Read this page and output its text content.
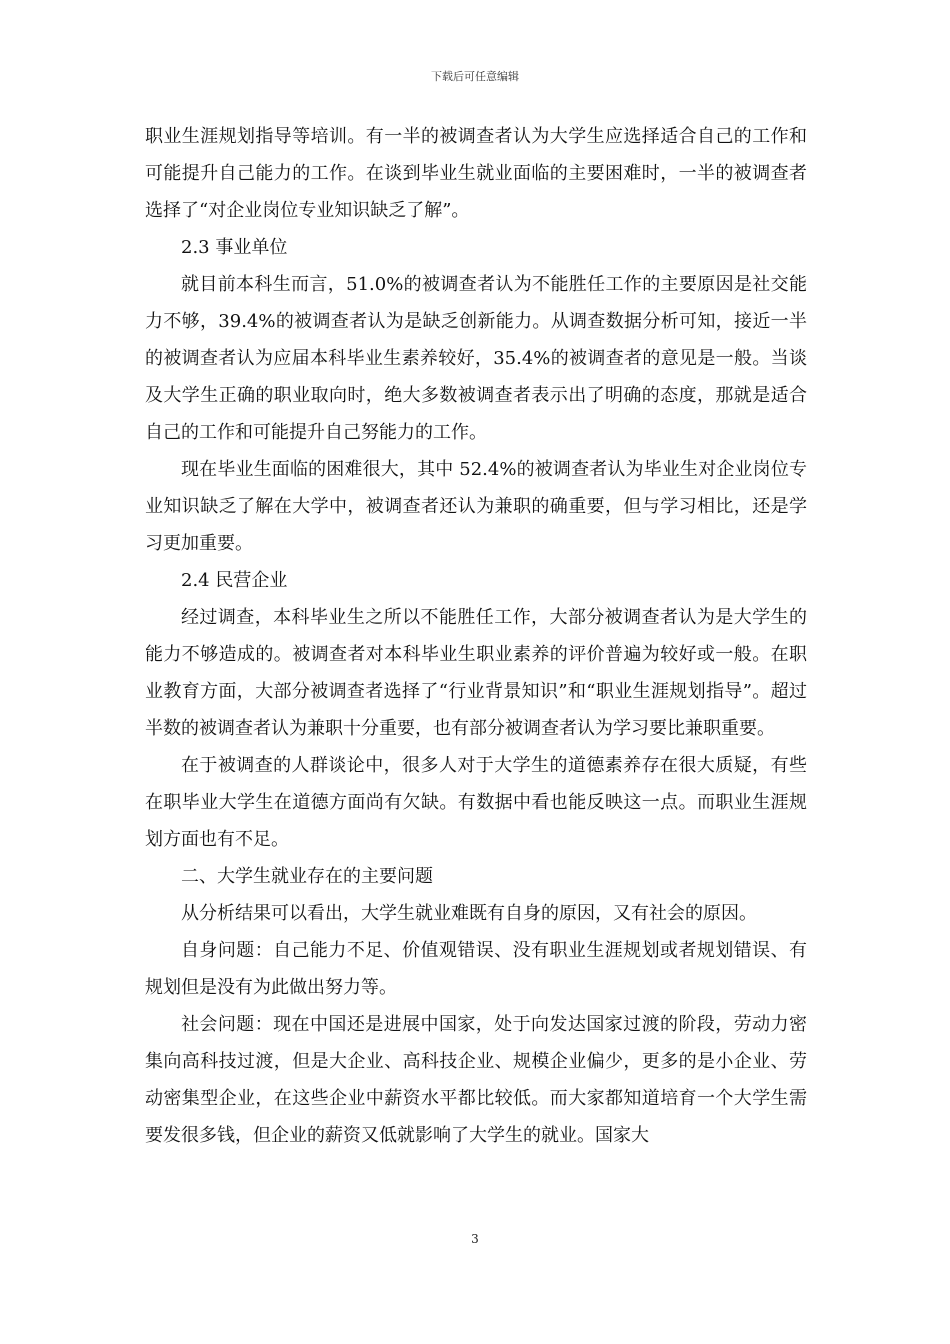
下载后可任意编辑

职业生涯规划指导等培训。有一半的被调查者认为大学生应选择适合自己的工作和可能提升自己能力的工作。在谈到毕业生就业面临的主要困难时，一半的被调查者选择了“对企业岗位专业知识缺乏了解”。

2.3 事业单位

就目前本科生而言，51.0%的被调查者认为不能胜任工作的主要原因是社交能力不够，39.4%的被调查者认为是缺乏创新能力。从调查数据分析可知，接近一半的被调查者认为应届本科毕业生素养较好，35.4%的被调查者的意见是一般。当谈及大学生正确的职业取向时，绝大多数被调查者表示出了明确的态度，那就是适合自己的工作和可能提升自己努能力的工作。

现在毕业生面临的困难很大，其中 52.4%的被调查者认为毕业生对企业岗位专业知识缺乏了解在大学中，被调查者还认为兼职的确重要，但与学习相比，还是学习更加重要。

2.4 民营企业

经过调查，本科毕业生之所以不能胜任工作，大部分被调查者认为是大学生的能力不够造成的。被调查者对本科毕业生职业素养的评价普遍为较好或一般。在职业教育方面，大部分被调查者选择了“行业背景知识”和“职业生涯规划指导”。超过半数的被调查者认为兼职十分重要，也有部分被调查者认为学习要比兼职重要。

在于被调查的人群谈论中，很多人对于大学生的道德素养存在很大质疑，有些在职毕业大学生在道德方面尚有欠缺。有数据中看也能反映这一点。而职业生涯规划方面也有不足。

二、大学生就业存在的主要问题

从分析结果可以看出，大学生就业难既有自身的原因，又有社会的原因。

自身问题：自己能力不足、价值观错误、没有职业生涯规划或者规划错误、有规划但是没有为此做出努力等。

社会问题：现在中国还是进展中国家，处于向发达国家过渡的阶段，劳动力密集向高科技过渡，但是大企业、高科技企业、规模企业偏少，更多的是小企业、劳动密集型企业，在这些企业中薪资水平都比较低。而大家都知道培育一个大学生需要发很多钱，但企业的薪资又低就影响了大学生的就业。国家大

3
